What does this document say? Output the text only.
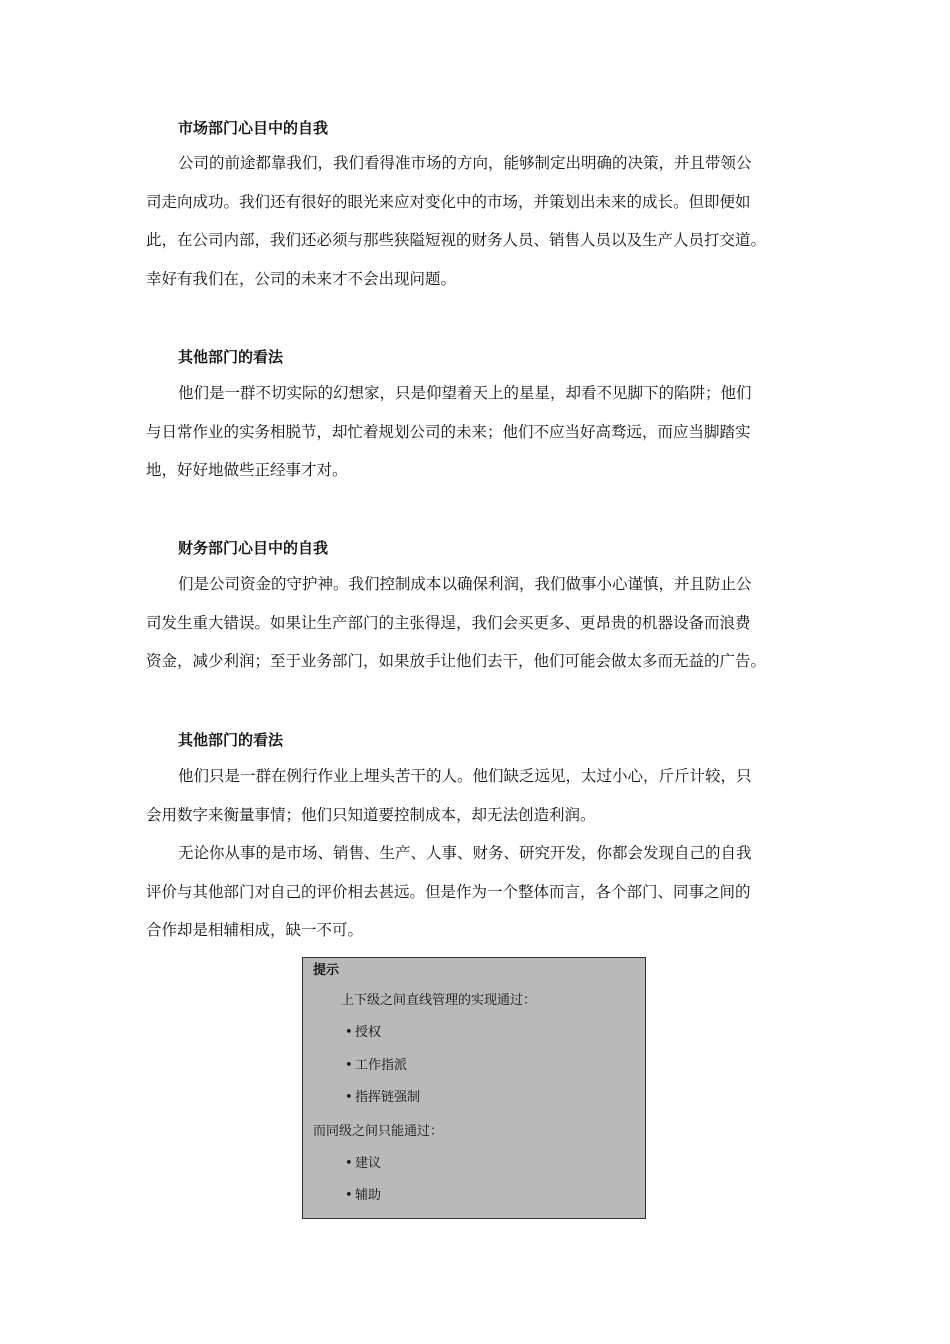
市场部门心目中的自我
公司的前途都靠我们，我们看得准市场的方向，能够制定出明确的决策，并且带领公
司走向成功。我们还有很好的眼光来应对变化中的市场，并策划出未来的成长。但即便如
此，在公司内部，我们还必须与那些狭隘短视的财务人员、销售人员以及生产人员打交道。
幸好有我们在，公司的未来才不会出现问题。
其他部门的看法
他们是一群不切实际的幻想家，只是仰望着天上的星星，却看不见脚下的陷阱；他们
与日常作业的实务相脱节，却忙着规划公司的未来；他们不应当好高骛远，而应当脚踏实
地，好好地做些正经事才对。
财务部门心目中的自我
们是公司资金的守护神。我们控制成本以确保利润，我们做事小心谨慎，并且防止公
司发生重大错误。如果让生产部门的主张得逞，我们会买更多、更昂贵的机器设备而浪费
资金，减少利润；至于业务部门，如果放手让他们去干，他们可能会做太多而无益的广告。
其他部门的看法
他们只是一群在例行作业上埋头苦干的人。他们缺乏远见，太过小心，斤斤计较，只
会用数字来衡量事情；他们只知道要控制成本，却无法创造利润。
无论你从事的是市场、销售、生产、人事、财务、研究开发，你都会发现自己的自我
评价与其他部门对自己的评价相去甚远。但是作为一个整体而言，各个部门、同事之间的
合作却是相辅相成，缺一不可。
提示
上下级之间直线管理的实现通过：
• 授权
• 工作指派
• 指挥链强制
而同级之间只能通过：
• 建议
• 辅助
